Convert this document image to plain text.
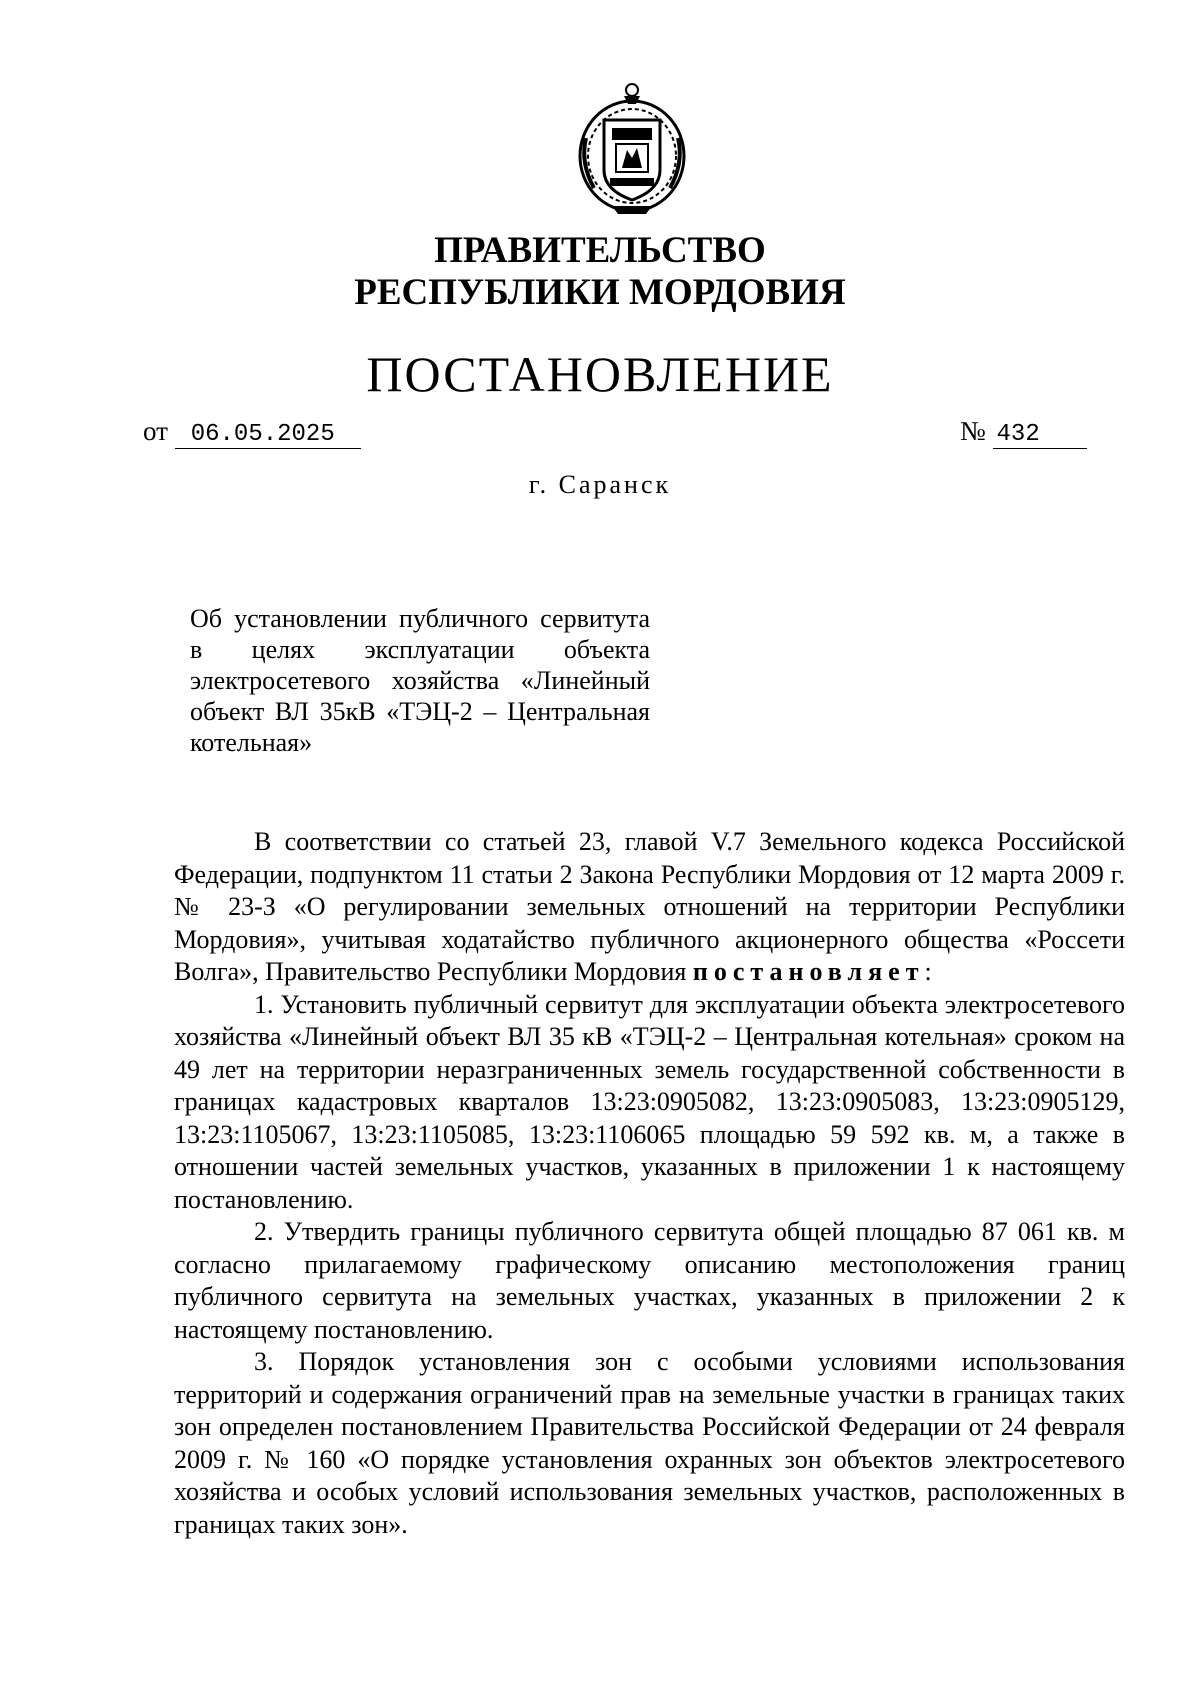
ПРАВИТЕЛЬСТВО
РЕСПУБЛИКИ МОРДОВИЯ
ПОСТАНОВЛЕНИЕ
от 06.05.2025	№ 432
г. Саранск
Об установлении публичного сервитута в целях эксплуатации объекта электросетевого хозяйства «Линейный объект ВЛ 35кВ «ТЭЦ-2 – Центральная котельная»

В соответствии со статьей 23, главой V.7 Земельного кодекса Российской Федерации, подпунктом 11 статьи 2 Закона Республики Мордовия от 12 марта 2009 г. № 23-З «О регулировании земельных отношений на территории Республики Мордовия», учитывая ходатайство публичного акционерного общества «Россети Волга», Правительство Республики Мордовия постановляет:

1. Установить публичный сервитут для эксплуатации объекта электросетевого хозяйства «Линейный объект ВЛ 35 кВ «ТЭЦ-2 – Центральная котельная» сроком на 49 лет на территории неразграниченных земель государственной собственности в границах кадастровых кварталов 13:23:0905082, 13:23:0905083, 13:23:0905129, 13:23:1105067, 13:23:1105085, 13:23:1106065 площадью 59 592 кв. м, а также в отношении частей земельных участков, указанных в приложении 1 к настоящему постановлению.

2. Утвердить границы публичного сервитута общей площадью 87 061 кв. м согласно прилагаемому графическому описанию местоположения границ публичного сервитута на земельных участках, указанных в приложении 2 к настоящему постановлению.

3. Порядок установления зон с особыми условиями использования территорий и содержания ограничений прав на земельные участки в границах таких зон определен постановлением Правительства Российской Федерации от 24 февраля 2009 г. № 160 «О порядке установления охранных зон объектов электросетевого хозяйства и особых условий использования земельных участков, расположенных в границах таких зон».
